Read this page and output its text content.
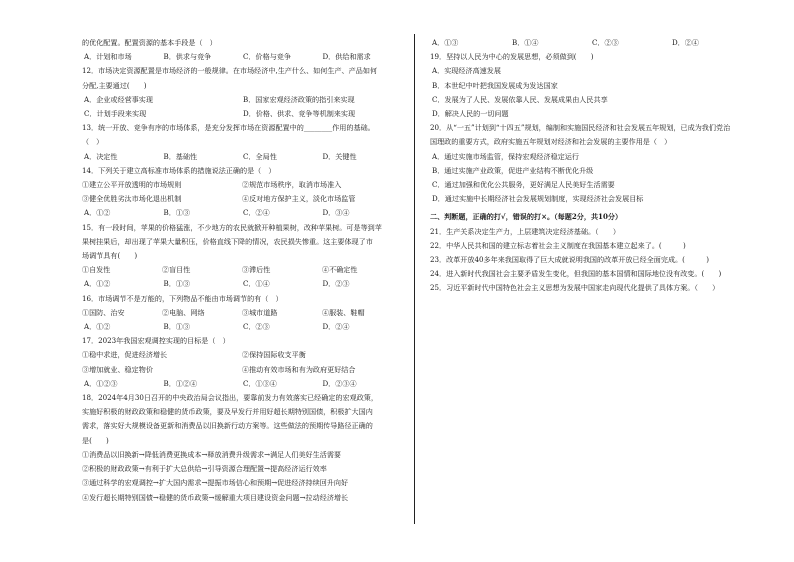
的优化配置。配置资源的基本手段是（　）
A．计划和市场	B．供求与竞争	C．价格与竞争	D．供给和需求
12．市场决定资源配置是市场经济的一般规律。在市场经济中,生产什么、如何生产、产品如何
分配,主要通过(　　)
A．企业或经营事实现	B．国家宏观经济政策的指引来实现
C．计划手段来实现	D．价格、供求、竞争等机制来实现
13．统一开放、竞争有序的市场体系，是充分发挥市场在资源配置中的________作用的基础。
（　）
A．决定性	B．基础性	C．全局性	D．关键性
14．下列关于建立高标准市场体系的措施说法正确的是（　）
①建立公平开放透明的市场规则	②规范市场秩序，取消市场准入
③健全优胜劣汰市场化退出机制	④反对地方保护主义，淡化市场监管
A．①②	B．①③	C．②④	D．③④
15．有一段时间，苹果的价格猛涨，不少地方的农民就掀开种植果树，改种苹果树。可是等到苹
果树挂果后，却出现了苹果大量积压，价格直线下降的情况，农民损失惨重。这主要体现了市
场调节具有(　　)
①自发性	②盲目性	③滞后性	④不确定性
A．①②	B．①③	C．①④	D．②③
16．市场调节不是万能的，下列物品不能由市场调节的有（　）
①国防、治安	②电脑、网络	③城市道路	④服装、鞋帽
A．①②	B．①③	C．②③	D．②④
17．2023年我国宏观调控实现的目标是（　）
①稳中求进，促进经济增长	②保持国际收支平衡
③增加就业、稳定物价	④推动有效市场和有为政府更好结合
A．①②③	B．①②④	C．①③④	D．②③④
18．2024年4月30日召开的中央政治局会议指出，要靠前发力有效落实已经确定的宏观政策，
实施好积极的财政政策和稳健的货币政策，要及早发行并用好超长期特别国债，积极扩大国内
需求，落实好大规模设备更新和消费品以旧换新行动方案等。这些做法的预期传导路径正确的
是(　　)
①消费品以旧换新→降低消费更换成本→释放消费升级需求→满足人们美好生活需要
②积极的财政政策→有利于扩大总供给→引导资源合理配置→提高经济运行效率
③通过科学的宏观调控→扩大国内需求→提振市场信心和预期→促进经济持续回升向好
④发行超长期特别国债→稳健的货币政策→缓解重大项目建设资金问题→拉动经济增长
A．①③	B．①④	C．②③	D．②④
19．坚持以人民为中心的发展思想，必须做到(　　)
A．实现经济高速发展
B．本世纪中叶把我国发展成为发达国家
C．发展为了人民、发展依靠人民、发展成果由人民共享
D．解决人民的一切问题
20．从“一五”计划到“十四五”规划，编制和实施国民经济和社会发展五年规划，已成为我们党治
国理政的重要方式，政府实施五年规划对经济和社会发展的主要作用是（　）
A．通过实施市场监管，保持宏观经济稳定运行
B．通过实施产业政策，促进产业结构不断优化升级
C．通过加强和优化公共服务，更好满足人民美好生活需要
D．通过实施中长期经济社会发展规划制度，实现经济社会发展目标
二、判断题，正确的打√，错误的打×。（每题2分，共10分）
21．生产关系决定生产力，上层建筑决定经济基础。（　　）
22．中华人民共和国的建立标志着社会主义制度在我国基本建立起来了。(　　　)
23．改革开放40多年来我国取得了巨大成就说明我国的改革开放已经全面完成。(　　　)
24．进入新时代我国社会主要矛盾发生变化，但我国的基本国情和国际地位没有改变。(　　)
25．习近平新时代中国特色社会主义思想为发展中国家走向现代化提供了具体方案。（　　）
